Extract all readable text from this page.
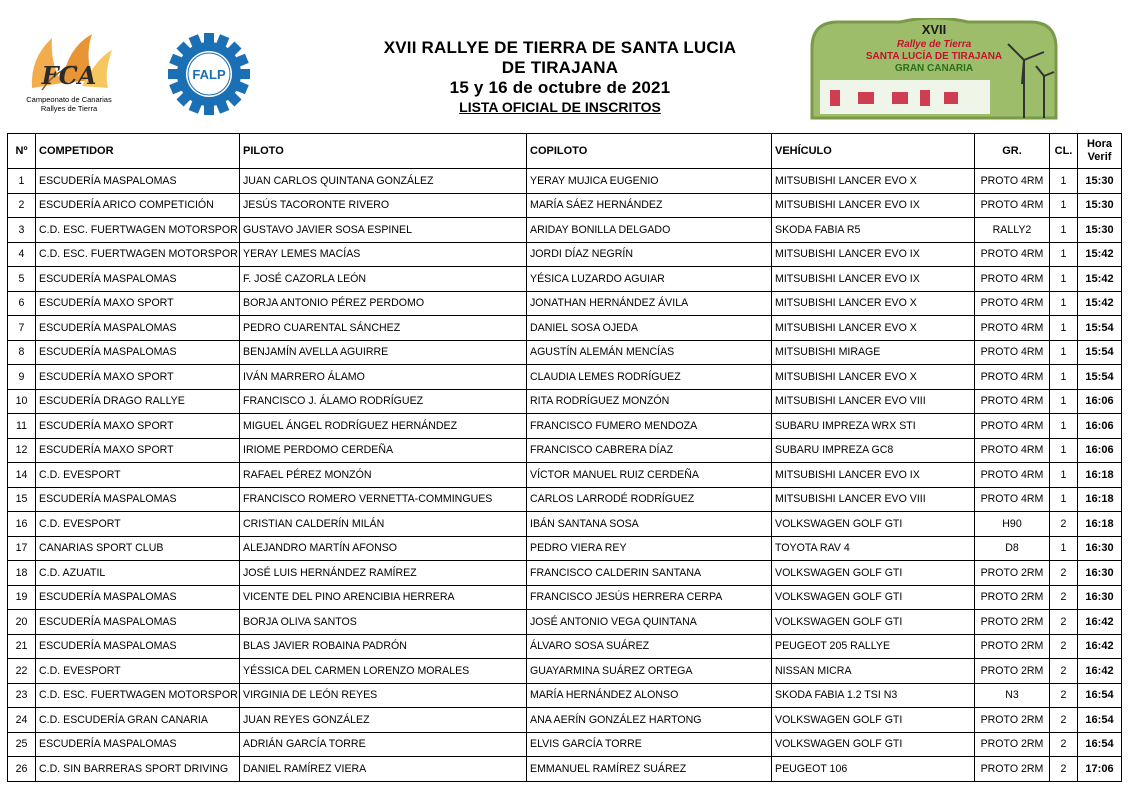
FCA
Campeonato de Canarias
Rallyes de Tierra
FALP
XVII RALLYE DE TIERRA DE SANTA LUCIA
DE TIRAJANA
15 y 16 de octubre de 2021
LISTA OFICIAL DE INSCRITOS
XVII
Rallye de Tierra
SANTA LUCÍA DE TIRAJANA
GRAN CANARIA
Nº	COMPETIDOR	PILOTO	COPILOTO	VEHÍCULO	GR.	CL.	Hora
Verif

1	ESCUDERÍA MASPALOMAS	JUAN CARLOS QUINTANA GONZÁLEZ	YERAY MUJICA EUGENIO	MITSUBISHI LANCER EVO X	PROTO 4RM	1	15:30
2	ESCUDERÍA ARICO COMPETICIÓN	JESÚS TACORONTE RIVERO	MARÍA SÁEZ HERNÁNDEZ	MITSUBISHI LANCER EVO IX	PROTO 4RM	1	15:30
3	C.D. ESC. FUERTWAGEN MOTORSPOR	GUSTAVO JAVIER SOSA ESPINEL	ARIDAY BONILLA DELGADO	SKODA FABIA R5	RALLY2	1	15:30
4	C.D. ESC. FUERTWAGEN MOTORSPOR	YERAY LEMES MACÍAS	JORDI DÍAZ NEGRÍN	MITSUBISHI LANCER EVO IX	PROTO 4RM	1	15:42
5	ESCUDERÍA MASPALOMAS	F. JOSÉ CAZORLA LEÓN	YÉSICA LUZARDO AGUIAR	MITSUBISHI LANCER EVO IX	PROTO 4RM	1	15:42
6	ESCUDERÍA MAXO SPORT	BORJA ANTONIO PÉREZ PERDOMO	JONATHAN HERNÁNDEZ ÁVILA	MITSUBISHI LANCER EVO X	PROTO 4RM	1	15:42
7	ESCUDERÍA MASPALOMAS	PEDRO CUARENTAL SÁNCHEZ	DANIEL SOSA OJEDA	MITSUBISHI LANCER EVO X	PROTO 4RM	1	15:54
8	ESCUDERÍA MASPALOMAS	BENJAMÍN AVELLA AGUIRRE	AGUSTÍN ALEMÁN MENCÍAS	MITSUBISHI MIRAGE	PROTO 4RM	1	15:54
9	ESCUDERÍA MAXO SPORT	IVÁN MARRERO ÁLAMO	CLAUDIA LEMES RODRÍGUEZ	MITSUBISHI LANCER EVO X	PROTO 4RM	1	15:54
10	ESCUDERÍA DRAGO RALLYE	FRANCISCO J. ÁLAMO RODRÍGUEZ	RITA RODRÍGUEZ MONZÓN	MITSUBISHI LANCER EVO VIII	PROTO 4RM	1	16:06
11	ESCUDERÍA MAXO SPORT	MIGUEL ÁNGEL RODRÍGUEZ HERNÁNDEZ	FRANCISCO FUMERO MENDOZA	SUBARU IMPREZA WRX STI	PROTO 4RM	1	16:06
12	ESCUDERÍA MAXO SPORT	IRIOME PERDOMO CERDEÑA	FRANCISCO CABRERA DÍAZ	SUBARU IMPREZA GC8	PROTO 4RM	1	16:06
14	C.D. EVESPORT	RAFAEL PÉREZ MONZÓN	VÍCTOR MANUEL RUIZ CERDEÑA	MITSUBISHI LANCER EVO IX	PROTO 4RM	1	16:18
15	ESCUDERÍA MASPALOMAS	FRANCISCO ROMERO VERNETTA-COMMINGUES	CARLOS LARRODÉ RODRÍGUEZ	MITSUBISHI LANCER EVO VIII	PROTO 4RM	1	16:18
16	C.D. EVESPORT	CRISTIAN CALDERÍN MILÁN	IBÁN SANTANA SOSA	VOLKSWAGEN GOLF GTI	H90	2	16:18
17	CANARIAS SPORT CLUB	ALEJANDRO MARTÍN AFONSO	PEDRO VIERA REY	TOYOTA RAV 4	D8	1	16:30
18	C.D. AZUATIL	JOSÉ LUIS HERNÁNDEZ RAMÍREZ	FRANCISCO CALDERIN SANTANA	VOLKSWAGEN GOLF GTI	PROTO 2RM	2	16:30
19	ESCUDERÍA MASPALOMAS	VICENTE DEL PINO ARENCIBIA HERRERA	FRANCISCO JESÚS HERRERA CERPA	VOLKSWAGEN GOLF GTI	PROTO 2RM	2	16:30
20	ESCUDERÍA MASPALOMAS	BORJA OLIVA SANTOS	JOSÉ ANTONIO VEGA QUINTANA	VOLKSWAGEN GOLF GTI	PROTO 2RM	2	16:42
21	ESCUDERÍA MASPALOMAS	BLAS JAVIER ROBAINA PADRÓN	ÁLVARO SOSA SUÁREZ	PEUGEOT 205 RALLYE	PROTO 2RM	2	16:42
22	C.D. EVESPORT	YÉSSICA DEL CARMEN LORENZO MORALES	GUAYARMINA SUÁREZ ORTEGA	NISSAN MICRA	PROTO 2RM	2	16:42
23	C.D. ESC. FUERTWAGEN MOTORSPOR	VIRGINIA DE LEÓN REYES	MARÍA HERNÁNDEZ ALONSO	SKODA FABIA 1.2 TSI N3	N3	2	16:54
24	C.D. ESCUDERÍA GRAN CANARIA	JUAN REYES GONZÁLEZ	ANA AERÍN GONZÁLEZ HARTONG	VOLKSWAGEN GOLF GTI	PROTO 2RM	2	16:54
25	ESCUDERÍA MASPALOMAS	ADRIÁN GARCÍA TORRE	ELVIS GARCÍA TORRE	VOLKSWAGEN GOLF GTI	PROTO 2RM	2	16:54
26	C.D. SIN BARRERAS SPORT DRIVING	DANIEL RAMÍREZ VIERA	EMMANUEL RAMÍREZ SUÁREZ	PEUGEOT 106	PROTO 2RM	2	17:06
